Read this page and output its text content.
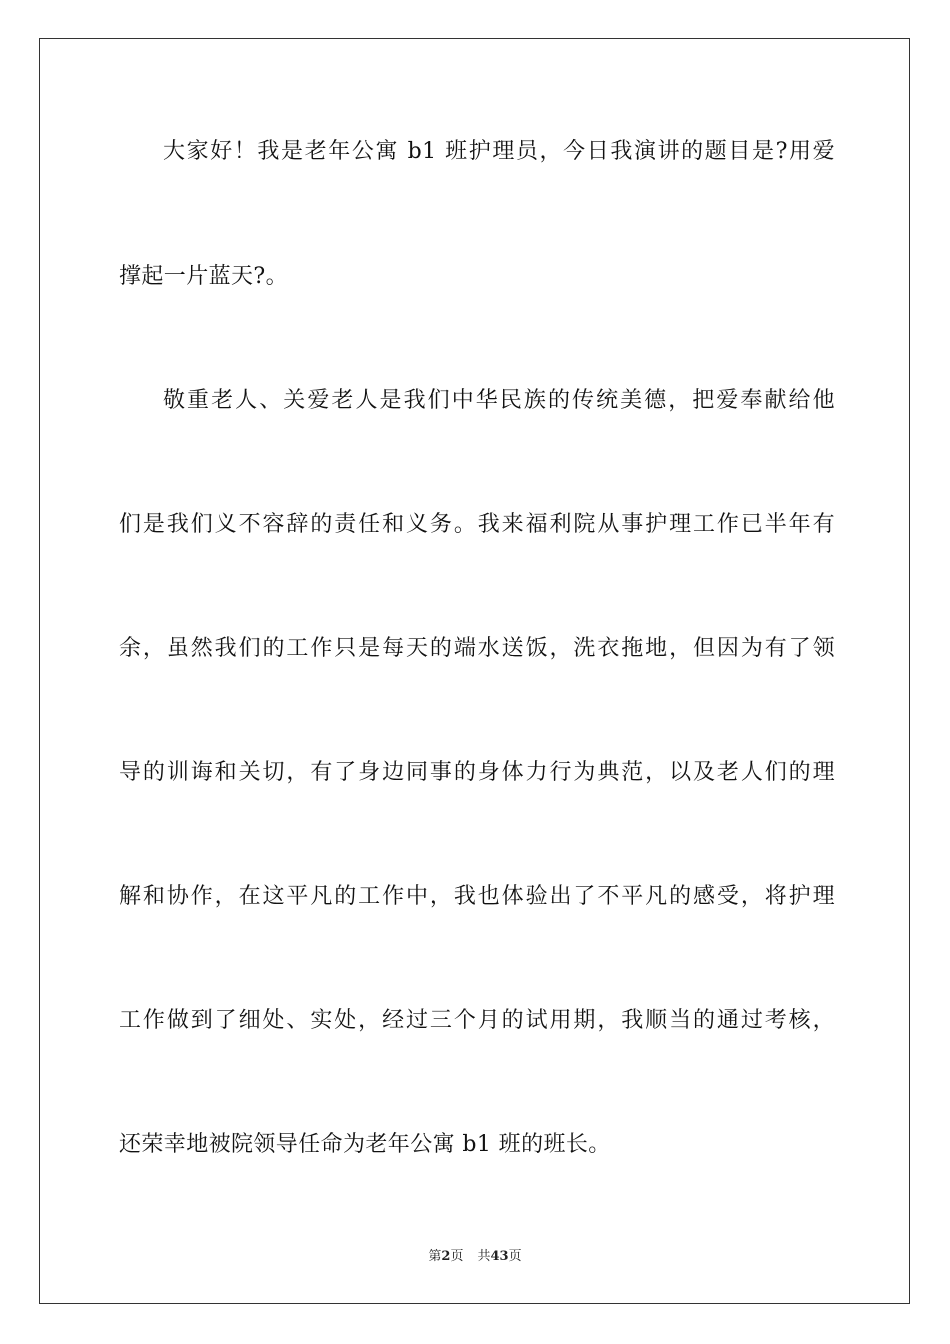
大家好！我是老年公寓 b1 班护理员，今日我演讲的题目是?用爱
撑起一片蓝天?。
敬重老人、关爱老人是我们中华民族的传统美德，把爱奉献给他
们是我们义不容辞的责任和义务。我来福利院从事护理工作已半年有
余，虽然我们的工作只是每天的端水送饭，洗衣拖地，但因为有了领
导的训诲和关切，有了身边同事的身体力行为典范，以及老人们的理
解和协作，在这平凡的工作中，我也体验出了不平凡的感受，将护理
工作做到了细处、实处，经过三个月的试用期，我顺当的通过考核，
还荣幸地被院领导任命为老年公寓 b1 班的班长。
第2页 共43页
